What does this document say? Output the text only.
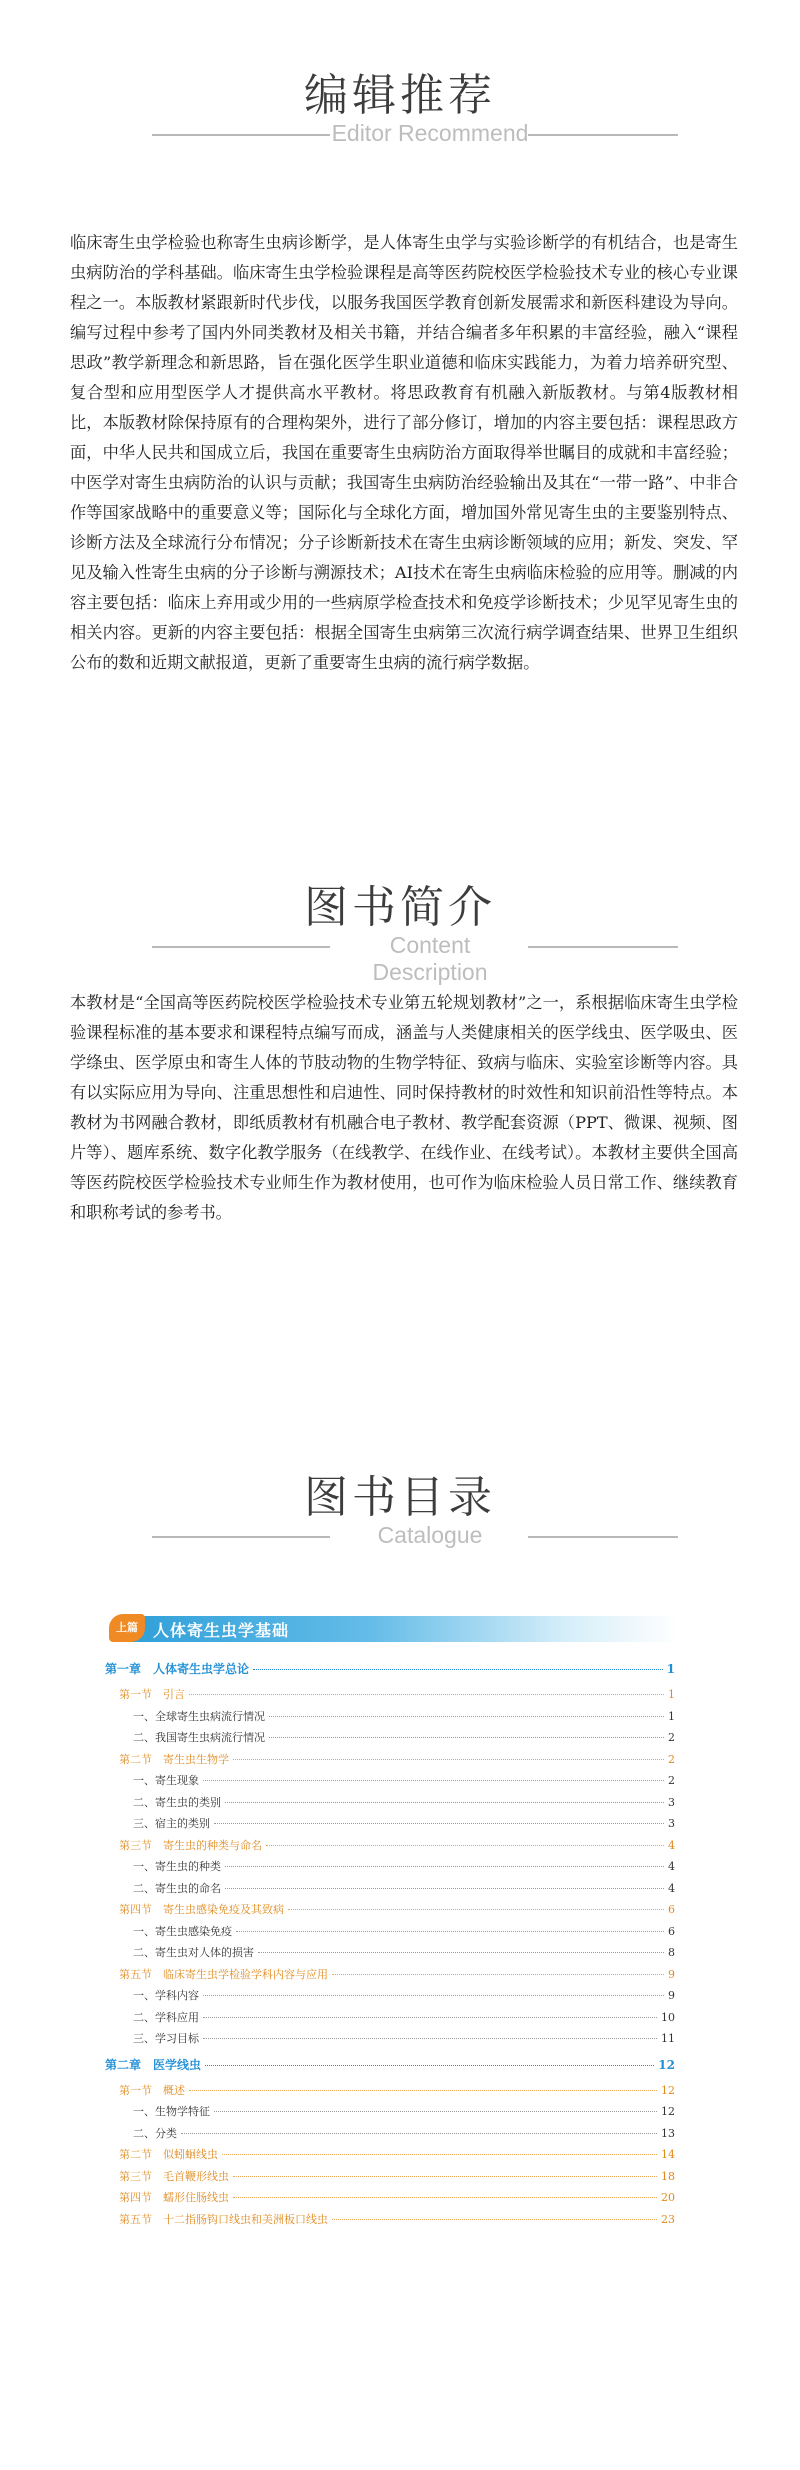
编辑推荐
Editor Recommend

临床寄生虫学检验也称寄生虫病诊断学，是人体寄生虫学与实验诊断学的有机结合，也是寄生虫病防治的学科基础。临床寄生虫学检验课程是高等医药院校医学检验技术专业的核心专业课程之一。本版教材紧跟新时代步伐，以服务我国医学教育创新发展需求和新医科建设为导向。编写过程中参考了国内外同类教材及相关书籍，并结合编者多年积累的丰富经验，融入“课程思政”教学新理念和新思路，旨在强化医学生职业道德和临床实践能力，为着力培养研究型、复合型和应用型医学人才提供高水平教材。将思政教育有机融入新版教材。与第4版教材相比，本版教材除保持原有的合理构架外，进行了部分修订，增加的内容主要包括：课程思政方面，中华人民共和国成立后，我国在重要寄生虫病防治方面取得举世瞩目的成就和丰富经验；中医学对寄生虫病防治的认识与贡献；我国寄生虫病防治经验输出及其在“一带一路”、中非合作等国家战略中的重要意义等；国际化与全球化方面，增加国外常见寄生虫的主要鉴别特点、诊断方法及全球流行分布情况；分子诊断新技术在寄生虫病诊断领域的应用；新发、突发、罕见及输入性寄生虫病的分子诊断与溯源技术；AI技术在寄生虫病临床检验的应用等。删减的内容主要包括：临床上弃用或少用的一些病原学检查技术和免疫学诊断技术；少见罕见寄生虫的相关内容。更新的内容主要包括：根据全国寄生虫病第三次流行病学调查结果、世界卫生组织公布的数和近期文献报道，更新了重要寄生虫病的流行病学数据。

图书简介
Content Description

本教材是“全国高等医药院校医学检验技术专业第五轮规划教材”之一，系根据临床寄生虫学检验课程标准的基本要求和课程特点编写而成，涵盖与人类健康相关的医学线虫、医学吸虫、医学绦虫、医学原虫和寄生人体的节肢动物的生物学特征、致病与临床、实验室诊断等内容。具有以实际应用为导向、注重思想性和启迪性、同时保持教材的时效性和知识前沿性等特点。本教材为书网融合教材，即纸质教材有机融合电子教材、教学配套资源（PPT、微课、视频、图片等）、题库系统、数字化教学服务（在线教学、在线作业、在线考试）。本教材主要供全国高等医药院校医学检验技术专业师生作为教材使用，也可作为临床检验人员日常工作、继续教育和职称考试的参考书。

图书目录
Catalogue
上篇 人体寄生虫学基础
第一章　人体寄生虫学总论	1
第一节　引言	1
一、全球寄生虫病流行情况	1
二、我国寄生虫病流行情况	2
第二节　寄生虫生物学	2
一、寄生现象	2
二、寄生虫的类别	3
三、宿主的类别	3
第三节　寄生虫的种类与命名	4
一、寄生虫的种类	4
二、寄生虫的命名	4
第四节　寄生虫感染免疫及其致病	6
一、寄生虫感染免疫	6
二、寄生虫对人体的损害	8
第五节　临床寄生虫学检验学科内容与应用	9
一、学科内容	9
二、学科应用	10
三、学习目标	11
第二章　医学线虫	12
第一节　概述	12
一、生物学特征	12
二、分类	13
第二节　似蚓蛔线虫	14
第三节　毛首鞭形线虫	18
第四节　蠕形住肠线虫	20
第五节　十二指肠钩口线虫和美洲板口线虫	23
